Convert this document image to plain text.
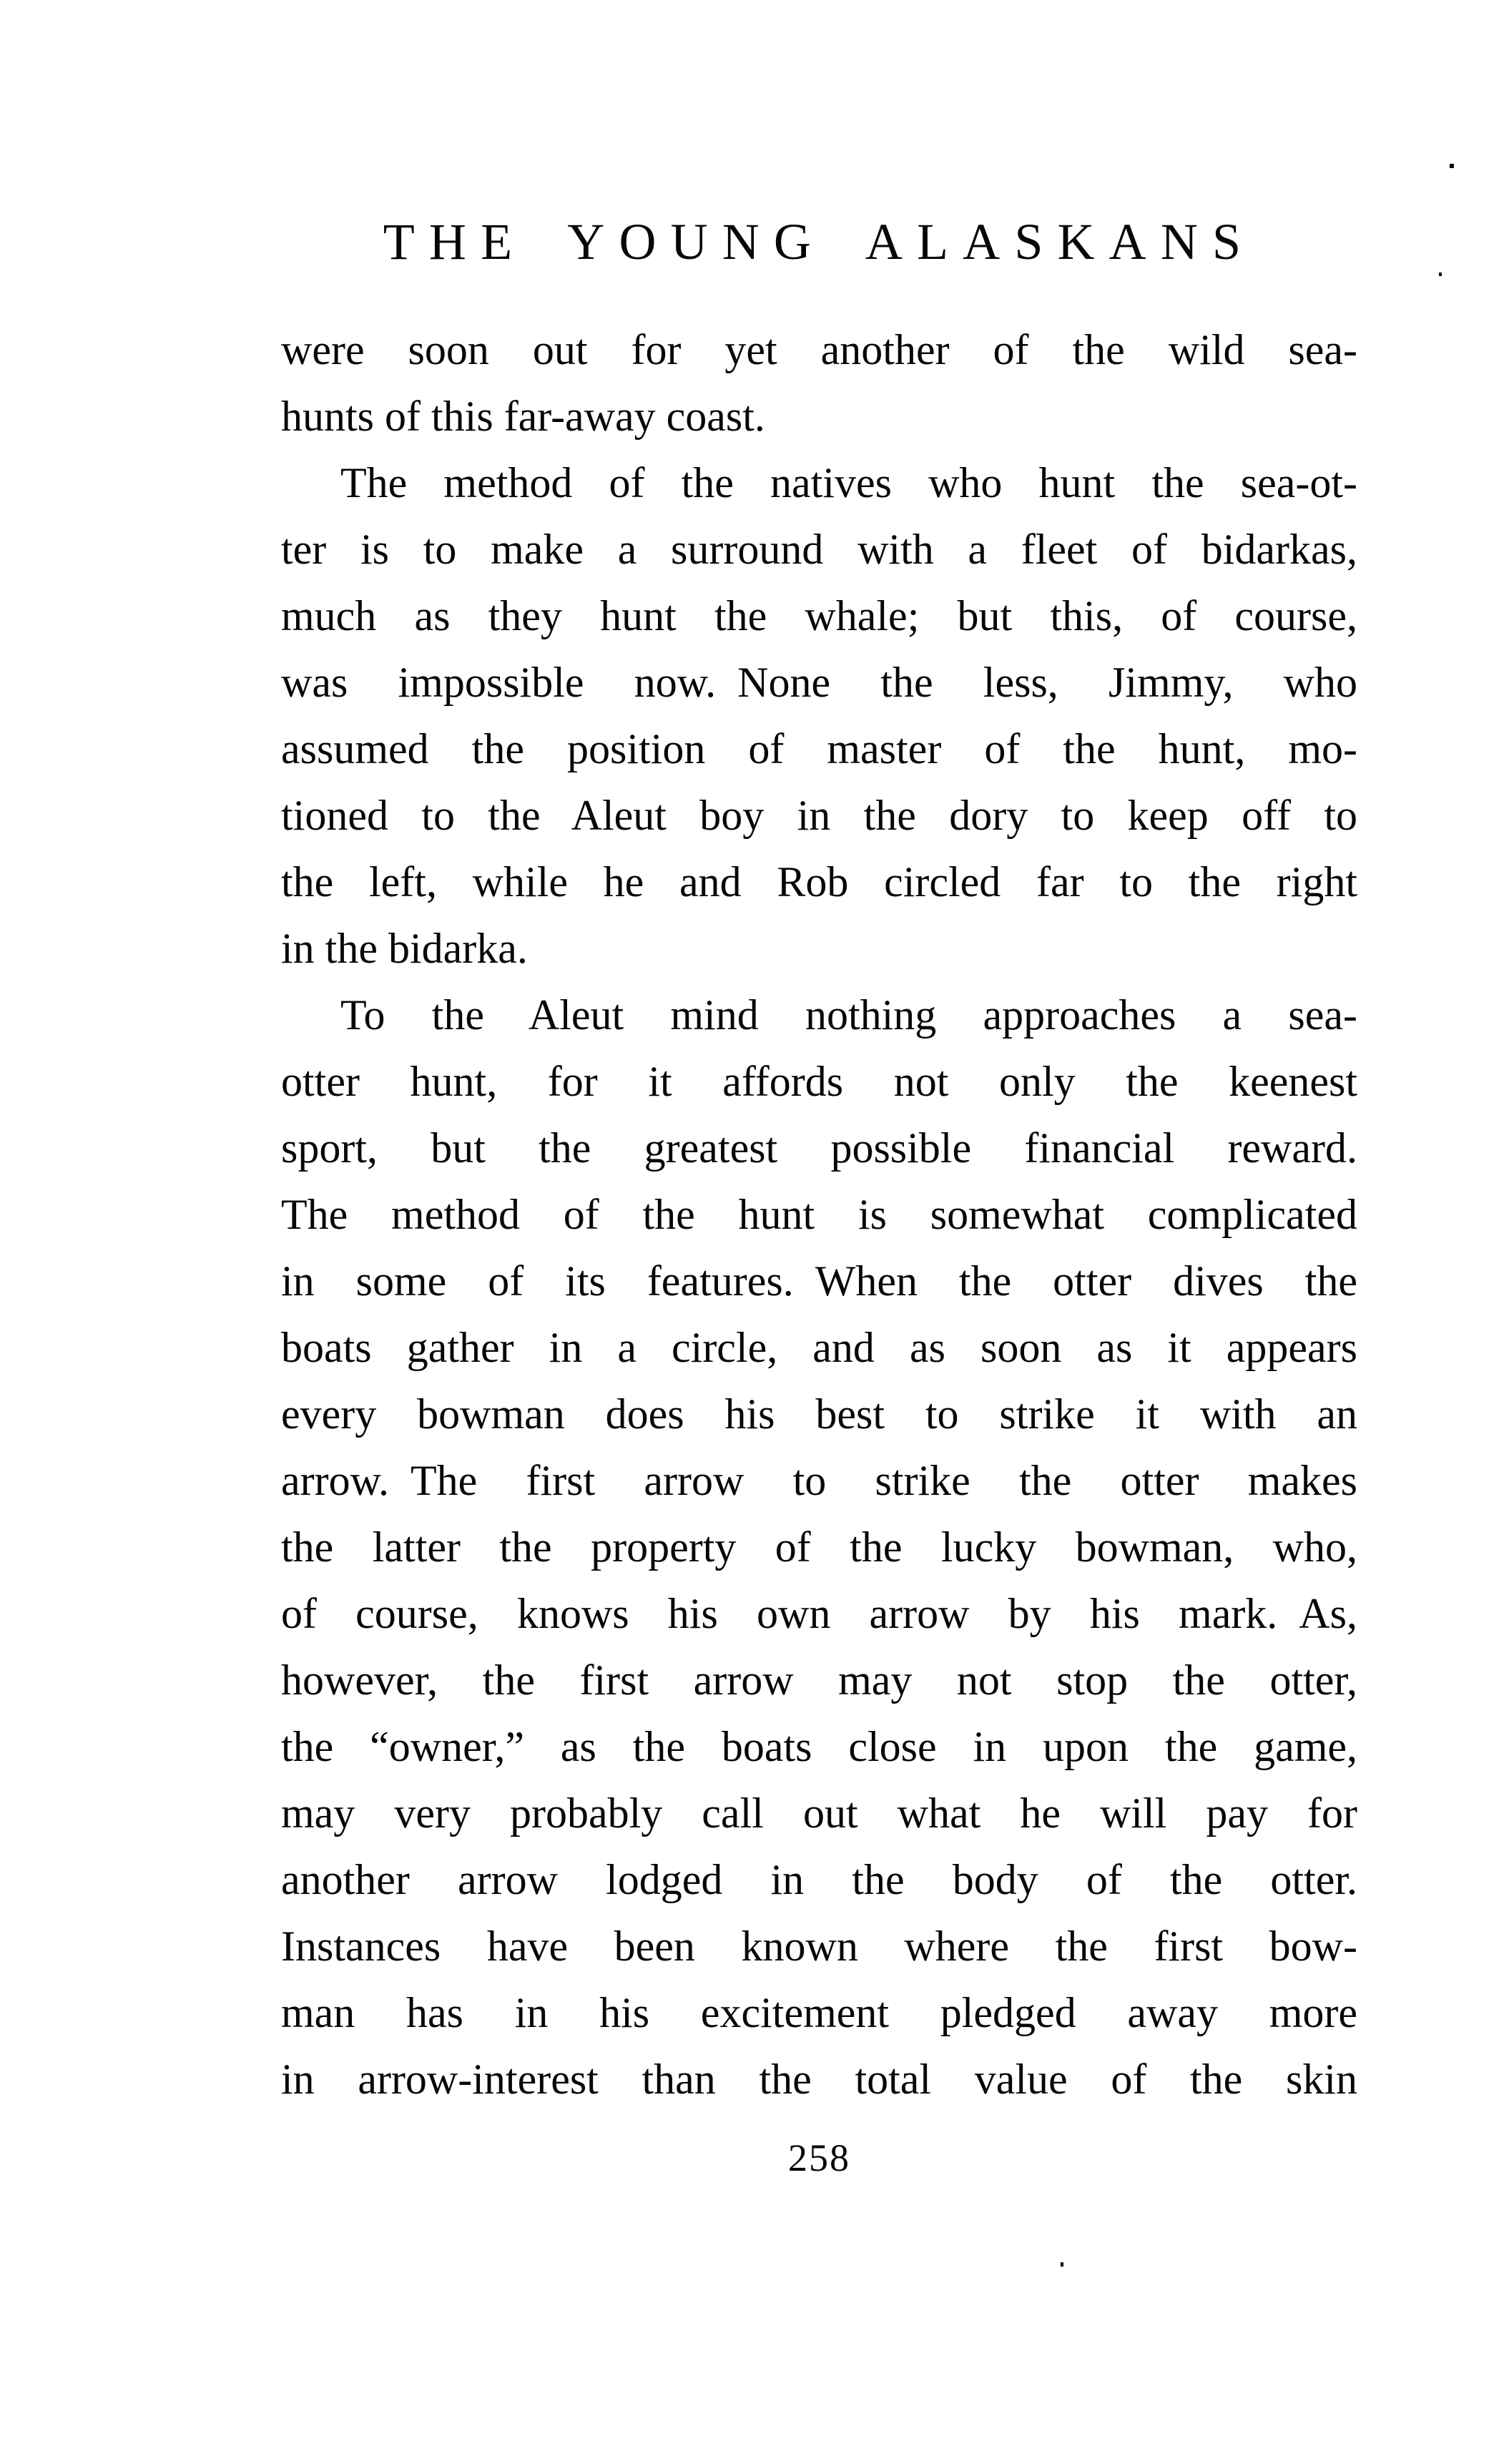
THE YOUNG ALASKANS
were soon out for yet another of the wild sea-
hunts of this far-away coast.
The method of the natives who hunt the sea-ot-
ter is to make a surround with a fleet of bidarkas,
much as they hunt the whale; but this, of course,
was impossible now. None the less, Jimmy, who
assumed the position of master of the hunt, mo-
tioned to the Aleut boy in the dory to keep off to
the left, while he and Rob circled far to the right
in the bidarka.
To the Aleut mind nothing approaches a sea-
otter hunt, for it affords not only the keenest
sport, but the greatest possible financial reward.
The method of the hunt is somewhat complicated
in some of its features. When the otter dives the
boats gather in a circle, and as soon as it appears
every bowman does his best to strike it with an
arrow. The first arrow to strike the otter makes
the latter the property of the lucky bowman, who,
of course, knows his own arrow by his mark. As,
however, the first arrow may not stop the otter,
the “owner,” as the boats close in upon the game,
may very probably call out what he will pay for
another arrow lodged in the body of the otter.
Instances have been known where the first bow-
man has in his excitement pledged away more
in arrow-interest than the total value of the skin
258
